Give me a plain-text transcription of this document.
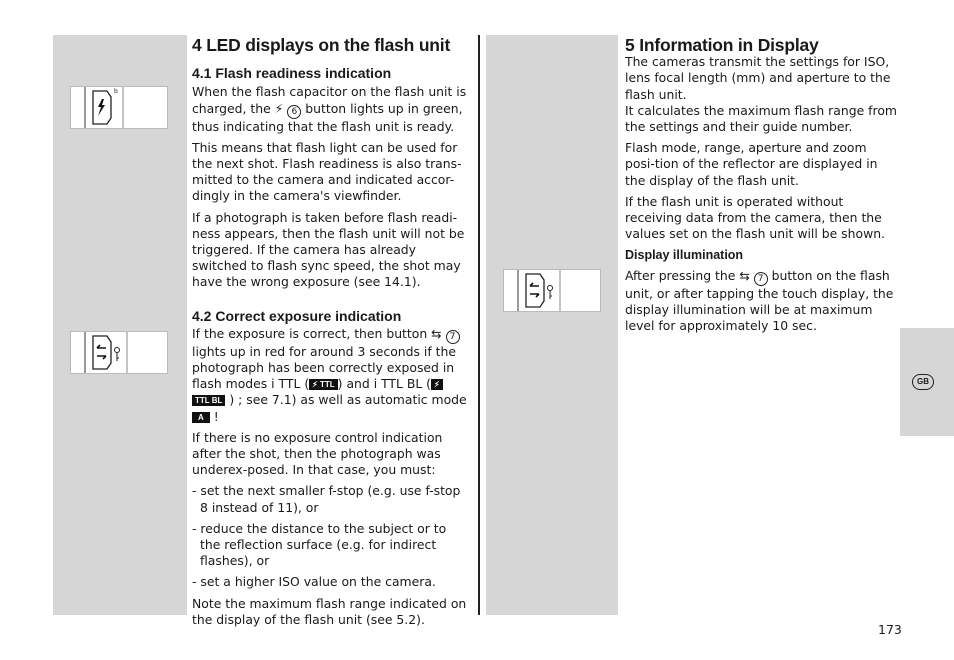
GB
b
4 LED displays on the flash unit
4.1 Flash readiness indication

When the flash capacitor on the flash unit is charged, the ⚡︎ 6 button lights up in green, thus indicating that the flash unit is ready.

This means that flash light can be used for the next shot. Flash readiness is also trans-mitted to the camera and indicated accor-dingly in the camera's viewfinder.

If a photograph is taken before flash readi-ness appears, then the flash unit will not be triggered. If the camera has already switched to flash sync speed, the shot may have the wrong exposure (see 14.1).

4.2 Correct exposure indication

If the exposure is correct, then button ⇆ 7 lights up in red for around 3 seconds if the photograph has been correctly exposed in flash modes i TTL ( ⚡︎ TTL ) and i TTL BL ( ⚡︎ TTL BL ) ; see 7.1) as well as automatic mode A !

If there is no exposure control indication after the shot, then the photograph was underex-posed. In that case, you must:

- set the next smaller f-stop (e.g. use f-stop 8 instead of 11), or

- reduce the distance to the subject or to the reflection surface (e.g. for indirect flashes), or

- set a higher ISO value on the camera.

Note the maximum flash range indicated on the display of the flash unit (see 5.2).

5 Information in Display

The cameras transmit the settings for ISO, lens focal length (mm) and aperture to the flash unit.

It calculates the maximum flash range from the settings and their guide number.

Flash mode, range, aperture and zoom posi-tion of the reflector are displayed in the display of the flash unit.

If the flash unit is operated without receiving data from the camera, then the values set on the flash unit will be shown.

Display illumination

After pressing the ⇆ 7 button on the flash unit, or after tapping the touch display, the display illumination will be at maximum level for approximately 10 sec.

173
